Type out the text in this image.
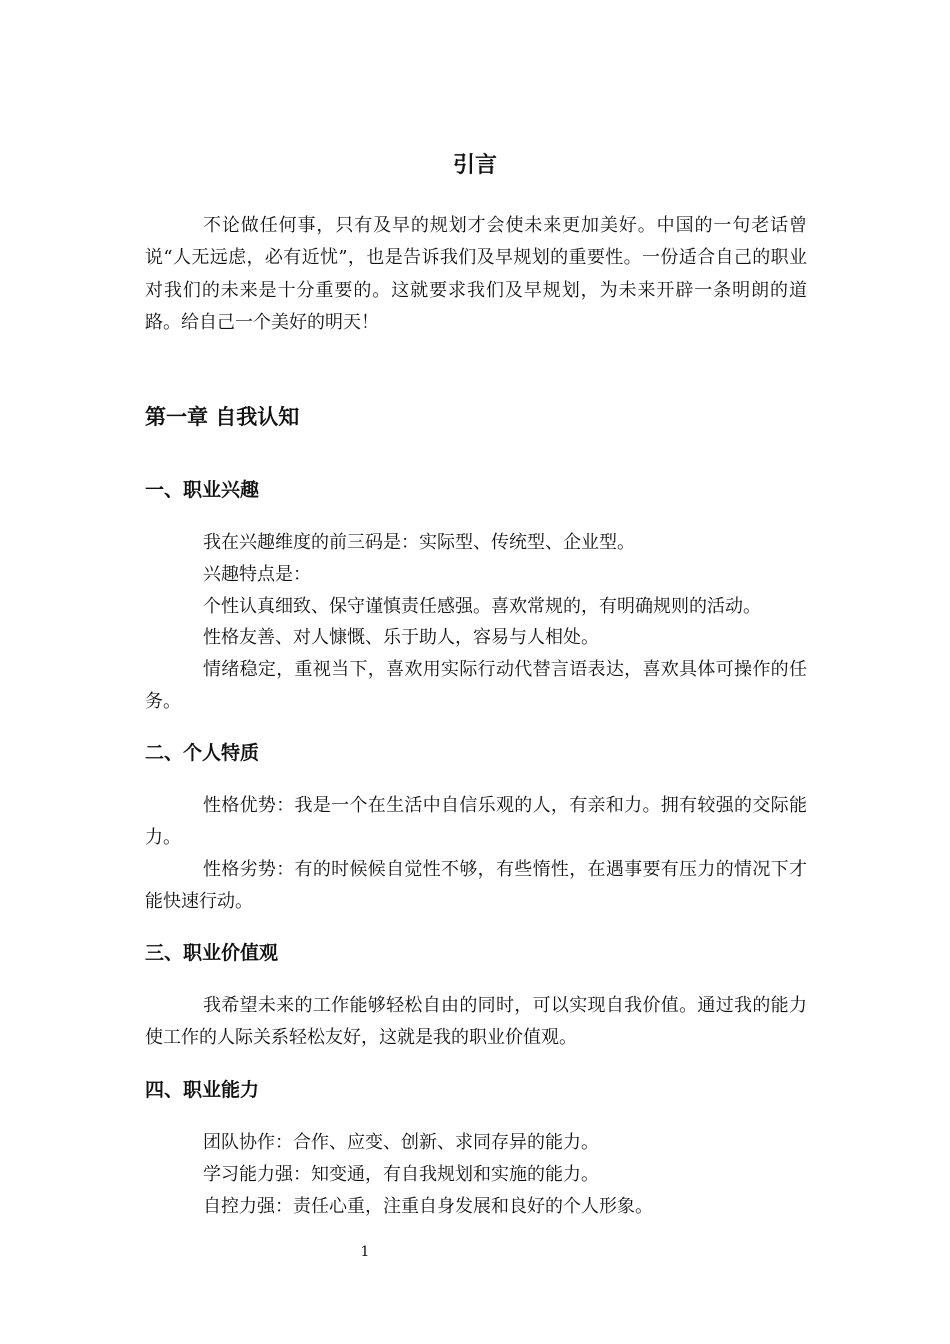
引言

不论做任何事，只有及早的规划才会使未来更加美好。中国的一句老话曾说“人无远虑，必有近忧”，也是告诉我们及早规划的重要性。一份适合自己的职业对我们的未来是十分重要的。这就要求我们及早规划，为未来开辟一条明朗的道路。给自己一个美好的明天！

第一章 自我认知
一、职业兴趣
我在兴趣维度的前三码是：实际型、传统型、企业型。
兴趣特点是：
个性认真细致、保守谨慎责任感强。喜欢常规的，有明确规则的活动。
性格友善、对人慷慨、乐于助人，容易与人相处。

情绪稳定，重视当下，喜欢用实际行动代替言语表达，喜欢具体可操作的任务。

二、个人特质

性格优势：我是一个在生活中自信乐观的人，有亲和力。拥有较强的交际能力。

性格劣势：有的时候候自觉性不够，有些惰性，在遇事要有压力的情况下才能快速行动。

三、职业价值观

我希望未来的工作能够轻松自由的同时，可以实现自我价值。通过我的能力使工作的人际关系轻松友好，这就是我的职业价值观。

四、职业能力
团队协作：合作、应变、创新、求同存异的能力。
学习能力强：知变通，有自我规划和实施的能力。
自控力强：责任心重，注重自身发展和良好的个人形象。
1
